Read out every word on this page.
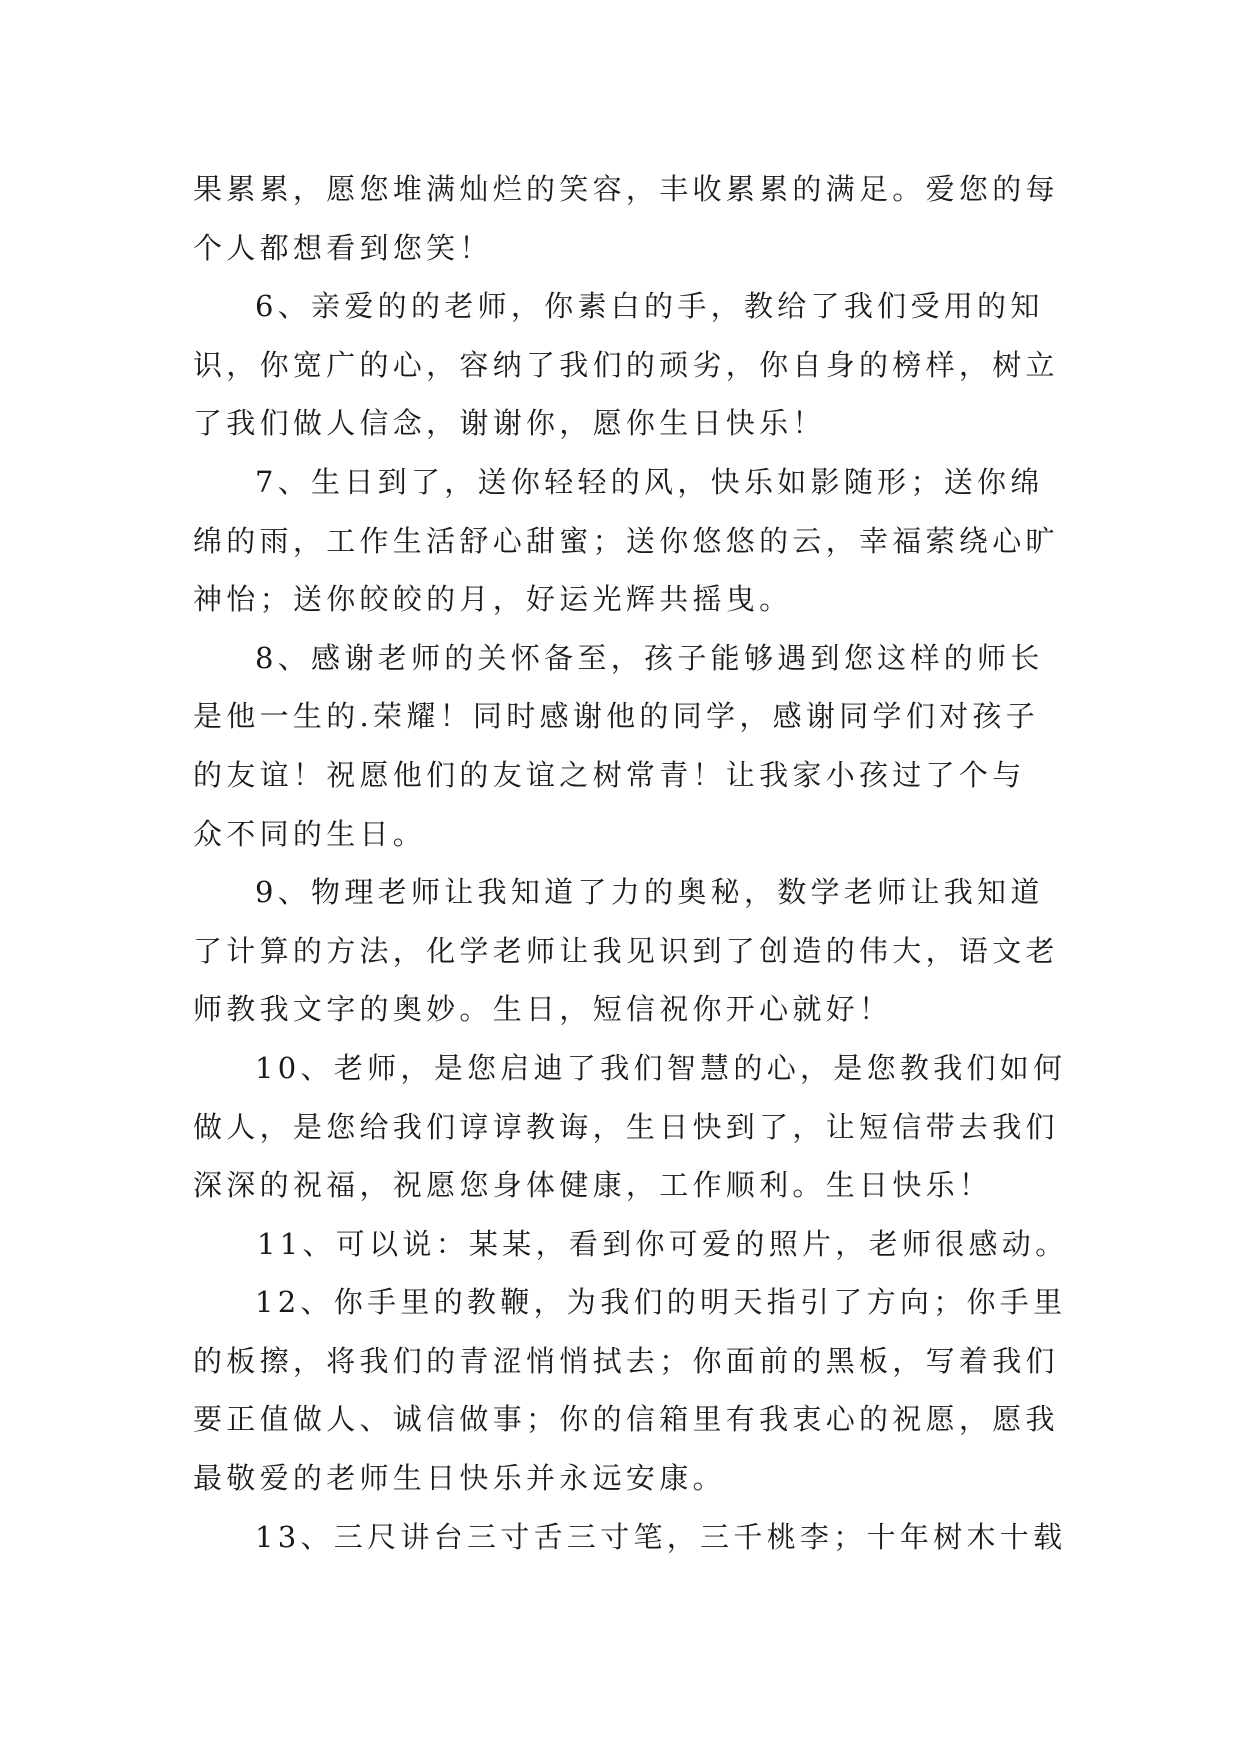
果累累，愿您堆满灿烂的笑容，丰收累累的满足。爱您的每
个人都想看到您笑！
6、亲爱的的老师，你素白的手，教给了我们受用的知
识，你宽广的心，容纳了我们的顽劣，你自身的榜样，树立
了我们做人信念，谢谢你，愿你生日快乐！
7、生日到了，送你轻轻的风，快乐如影随形；送你绵
绵的雨，工作生活舒心甜蜜；送你悠悠的云，幸福萦绕心旷
神怡；送你皎皎的月，好运光辉共摇曳。
8、感谢老师的关怀备至，孩子能够遇到您这样的师长
是他一生的.荣耀！同时感谢他的同学，感谢同学们对孩子
的友谊！祝愿他们的友谊之树常青！让我家小孩过了个与
众不同的生日。
9、物理老师让我知道了力的奥秘，数学老师让我知道
了计算的方法，化学老师让我见识到了创造的伟大，语文老
师教我文字的奥妙。生日，短信祝你开心就好！
10、老师，是您启迪了我们智慧的心，是您教我们如何
做人，是您给我们谆谆教诲，生日快到了，让短信带去我们
深深的祝福，祝愿您身体健康，工作顺利。生日快乐！
11、可以说：某某，看到你可爱的照片，老师很感动。
12、你手里的教鞭，为我们的明天指引了方向；你手里
的板擦，将我们的青涩悄悄拭去；你面前的黑板，写着我们
要正值做人、诚信做事；你的信箱里有我衷心的祝愿，愿我
最敬爱的老师生日快乐并永远安康。
13、三尺讲台三寸舌三寸笔，三千桃李；十年树木十载
